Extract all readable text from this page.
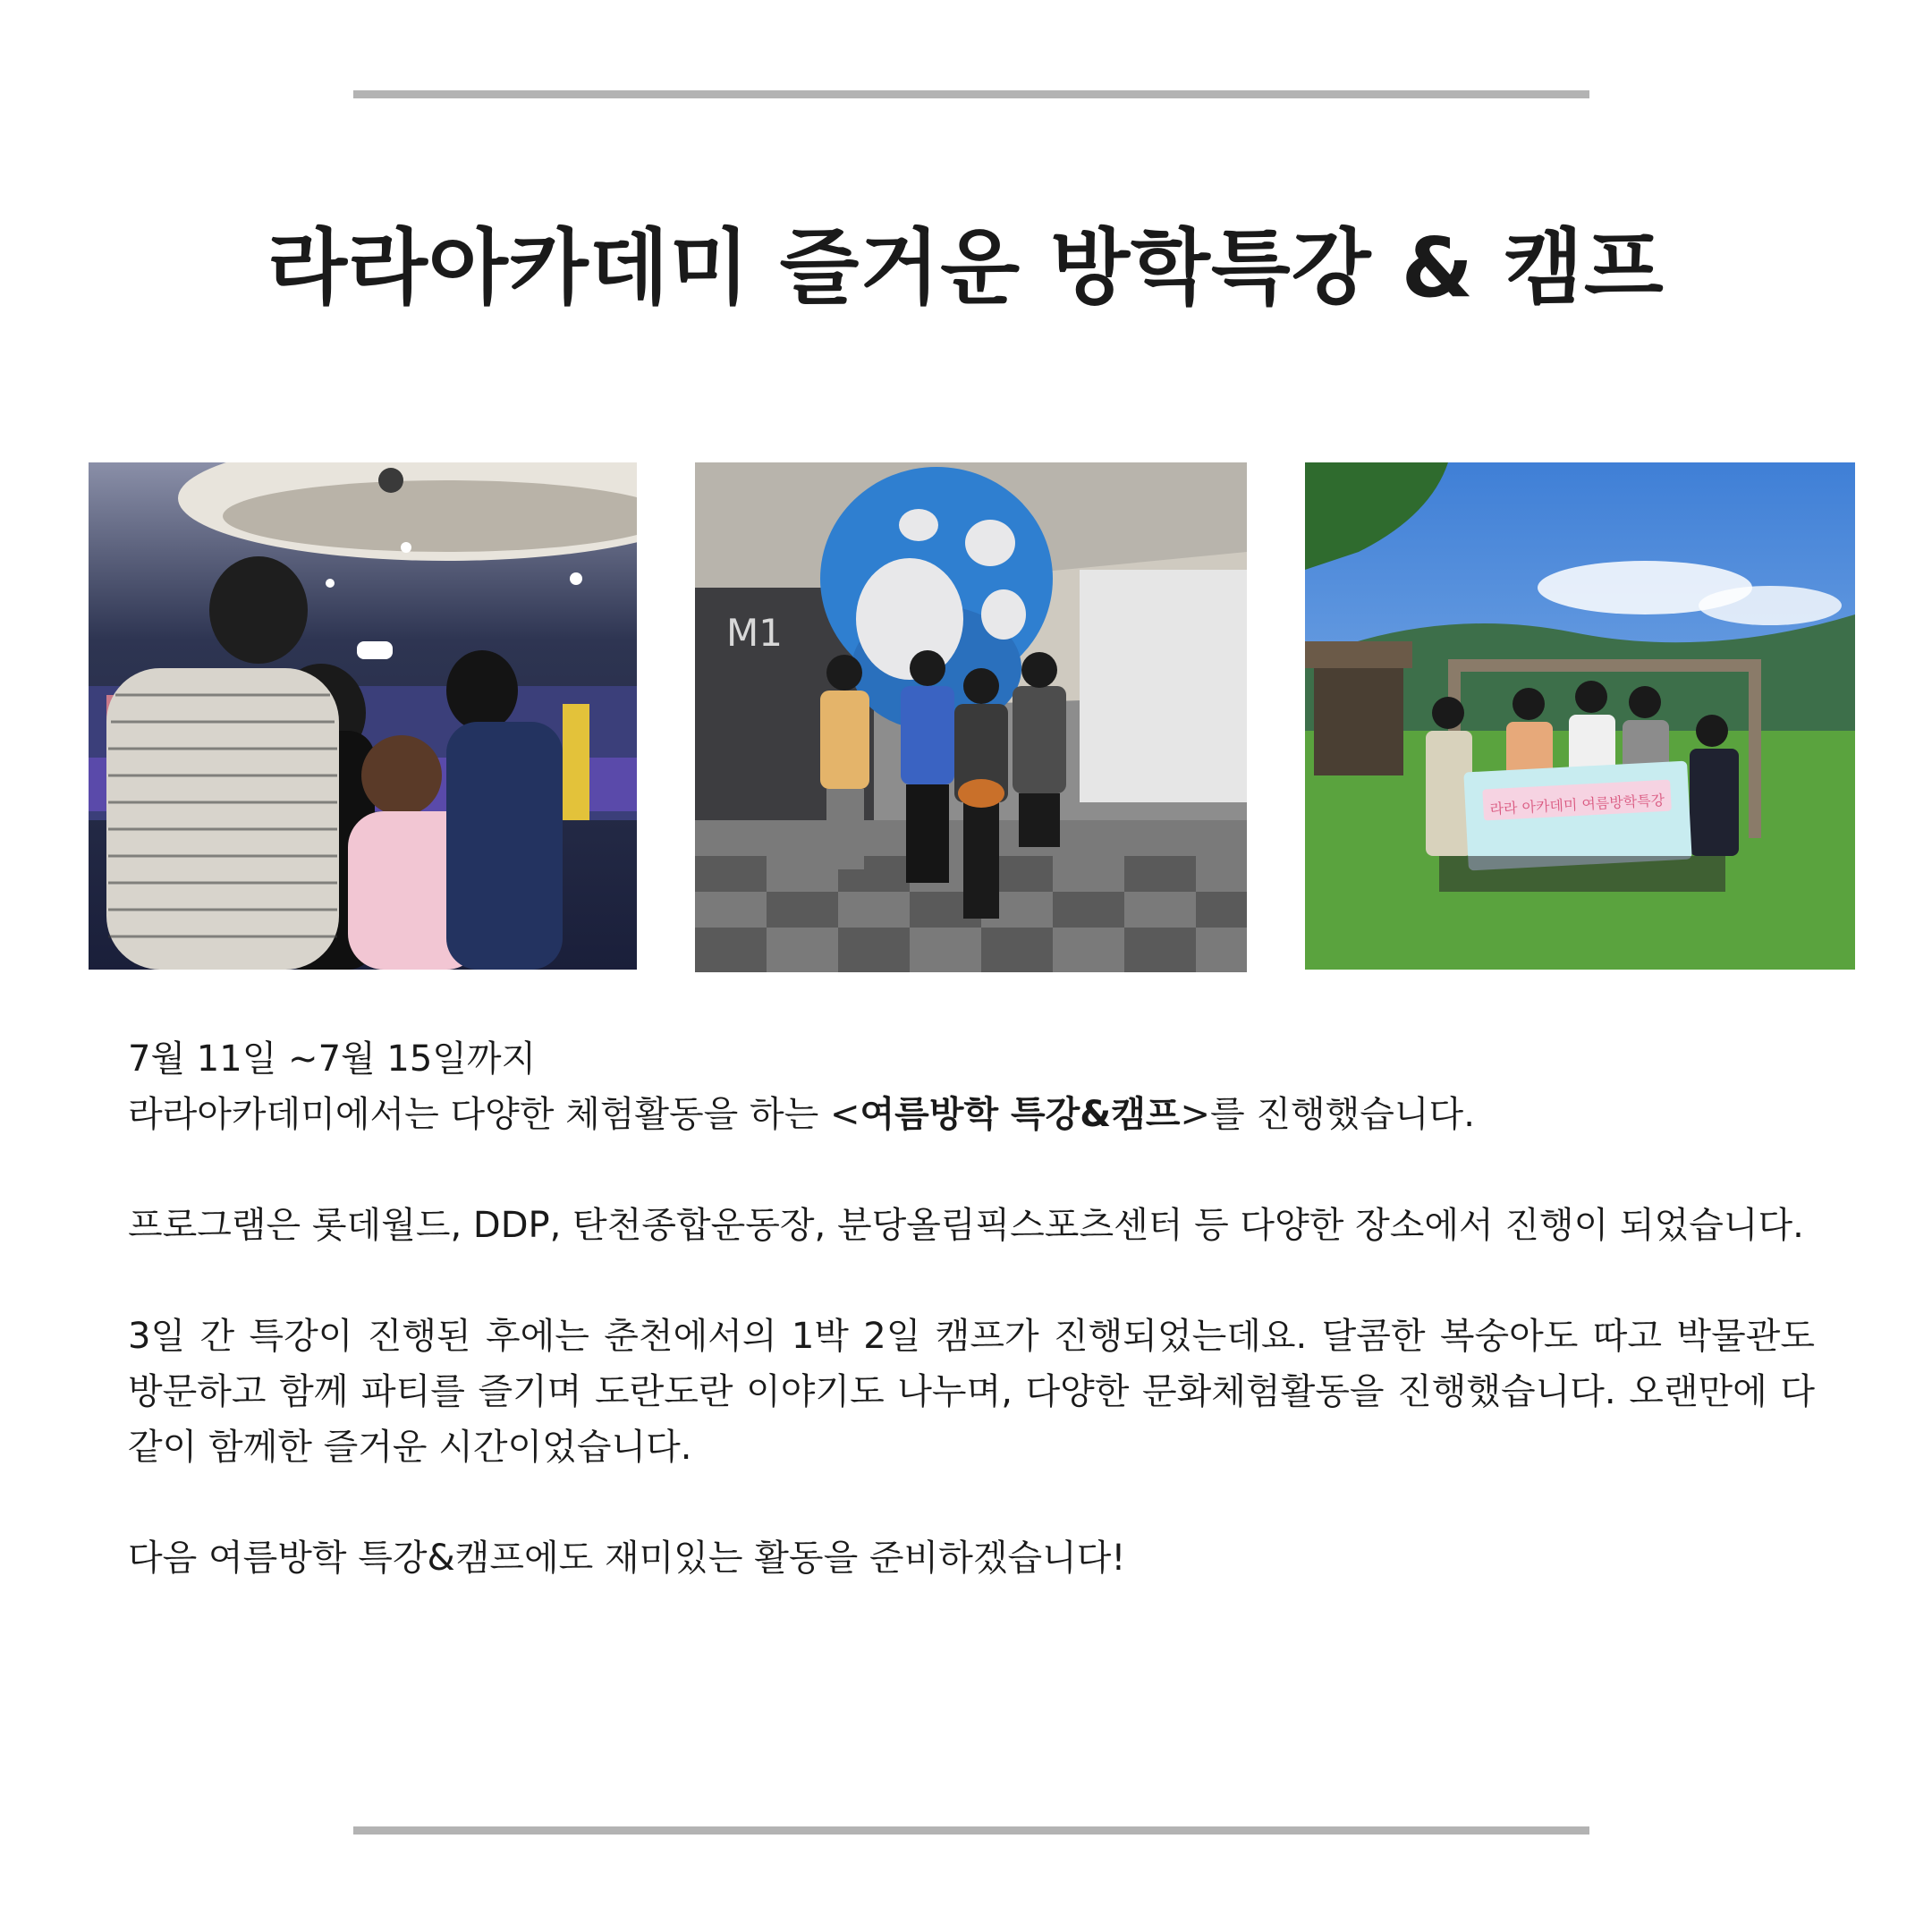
라라아카데미 즐거운 방학특강 & 캠프
M1
라라 아카데미 여름방학특강

7월 11일 ~7월 15일까지

라라아카데미에서는 다양한 체험활동을 하는 <여름방학 특강&캠프>를 진행했습니다.

프로그램은 롯데월드, DDP, 탄천종합운동장, 분당올림픽스포츠센터 등 다양한 장소에서 진행이 되었습니다.

3일 간 특강이 진행된 후에는 춘천에서의 1박 2일 캠프가 진행되었는데요. 달콤한 복숭아도 따고 박물관도 방문하고 함께 파티를 즐기며 도란도란 이야기도 나누며, 다양한 문화체험활동을 진행했습니다. 오랜만에 다같이 함께한 즐거운 시간이었습니다.

다음 여름방학 특강&캠프에도 재미있는 활동을 준비하겠습니다!
